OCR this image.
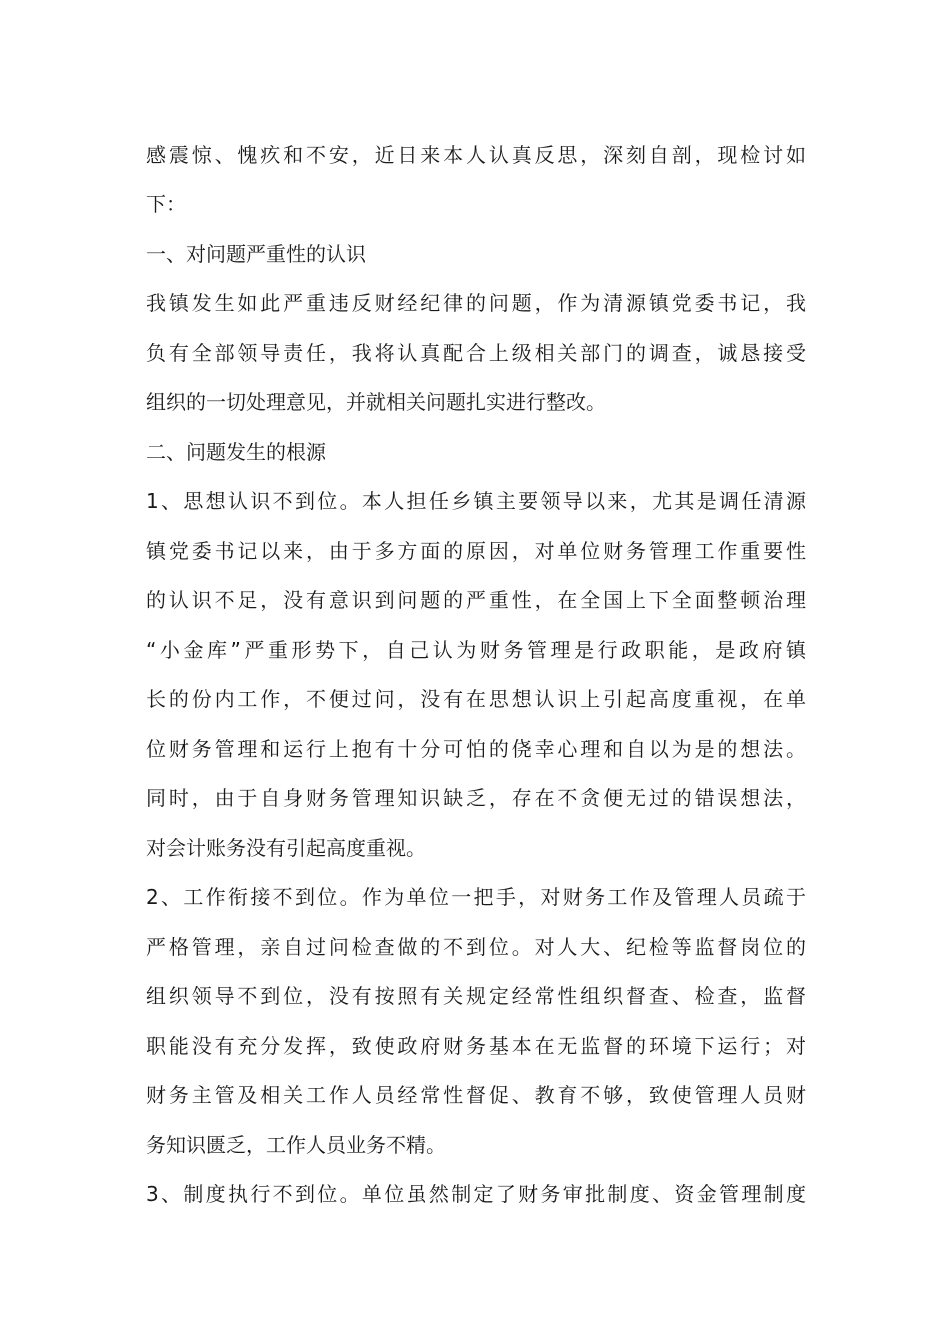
感震惊、愧疚和不安，近日来本人认真反思，深刻自剖，现检讨如
下：
一、对问题严重性的认识
我镇发生如此严重违反财经纪律的问题，作为清源镇党委书记，我
负有全部领导责任，我将认真配合上级相关部门的调查，诚恳接受
组织的一切处理意见，并就相关问题扎实进行整改。
二、问题发生的根源
1、思想认识不到位。本人担任乡镇主要领导以来，尤其是调任清源
镇党委书记以来，由于多方面的原因，对单位财务管理工作重要性
的认识不足，没有意识到问题的严重性，在全国上下全面整顿治理
“小金库”严重形势下，自己认为财务管理是行政职能，是政府镇
长的份内工作，不便过问，没有在思想认识上引起高度重视，在单
位财务管理和运行上抱有十分可怕的侥幸心理和自以为是的想法。
同时，由于自身财务管理知识缺乏，存在不贪便无过的错误想法，
对会计账务没有引起高度重视。
2、工作衔接不到位。作为单位一把手，对财务工作及管理人员疏于
严格管理，亲自过问检查做的不到位。对人大、纪检等监督岗位的
组织领导不到位，没有按照有关规定经常性组织督查、检查，监督
职能没有充分发挥，致使政府财务基本在无监督的环境下运行；对
财务主管及相关工作人员经常性督促、教育不够，致使管理人员财
务知识匮乏，工作人员业务不精。
3、制度执行不到位。单位虽然制定了财务审批制度、资金管理制度
